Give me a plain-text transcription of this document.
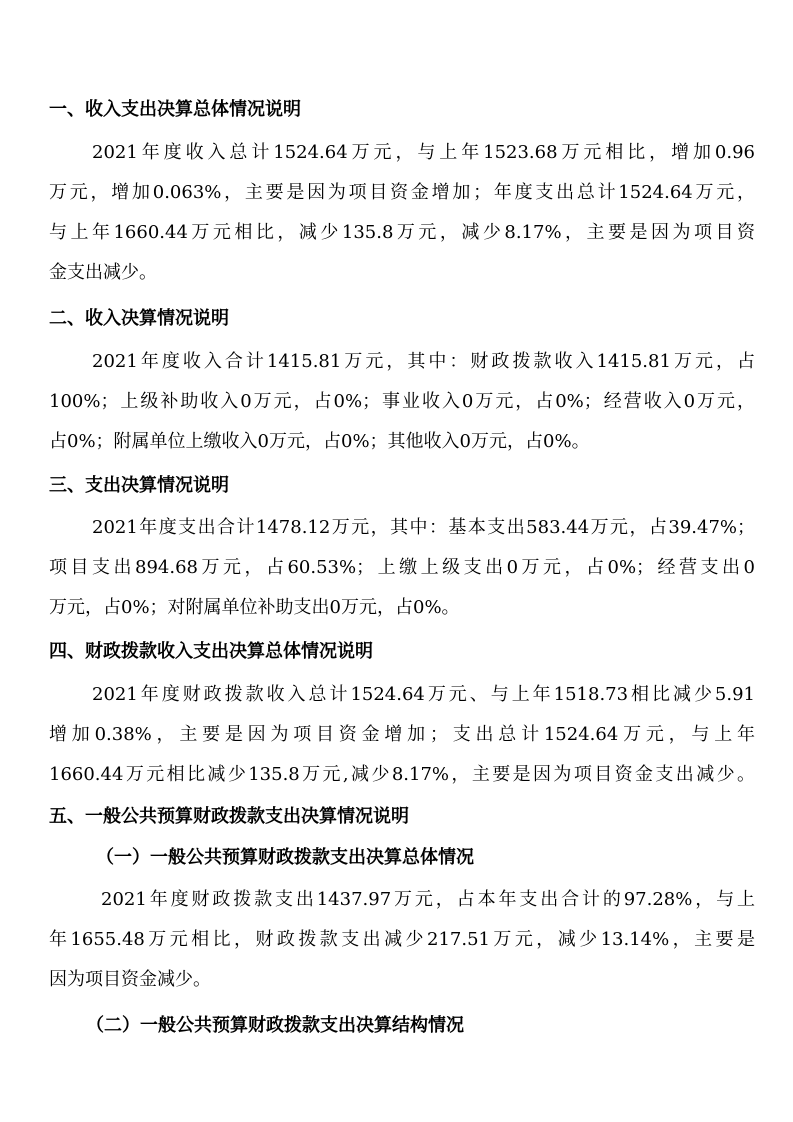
一、收入支出决算总体情况说明
2021年度收入总计1524.64万元，与上年1523.68万元相比，增加0.96
万元，增加0.063%，主要是因为项目资金增加；年度支出总计1524.64万元，
与上年1660.44万元相比，减少135.8万元，减少8.17%，主要是因为项目资
金支出减少。
二、收入决算情况说明
2021年度收入合计1415.81万元，其中：财政拨款收入1415.81万元，占
100%；上级补助收入0万元，占0%；事业收入0万元，占0%；经营收入0万元，
占0%；附属单位上缴收入0万元，占0%；其他收入0万元，占0%。
三、支出决算情况说明
2021年度支出合计1478.12万元，其中：基本支出583.44万元，占39.47%；
项目支出894.68万元，占60.53%；上缴上级支出0万元，占0%；经营支出0
万元，占0%；对附属单位补助支出0万元，占0%。
四、财政拨款收入支出决算总体情况说明
2021年度财政拨款收入总计1524.64万元、与上年1518.73相比减少5.91
增加0.38%，主要是因为项目资金增加；支出总计1524.64万元，与上年
1660.44万元相比减少135.8万元,减少8.17%，主要是因为项目资金支出减少。
五、一般公共预算财政拨款支出决算情况说明
（一）一般公共预算财政拨款支出决算总体情况
2021年度财政拨款支出1437.97万元，占本年支出合计的97.28%，与上
年1655.48万元相比，财政拨款支出减少217.51万元，减少13.14%，主要是
因为项目资金减少。
（二）一般公共预算财政拨款支出决算结构情况
